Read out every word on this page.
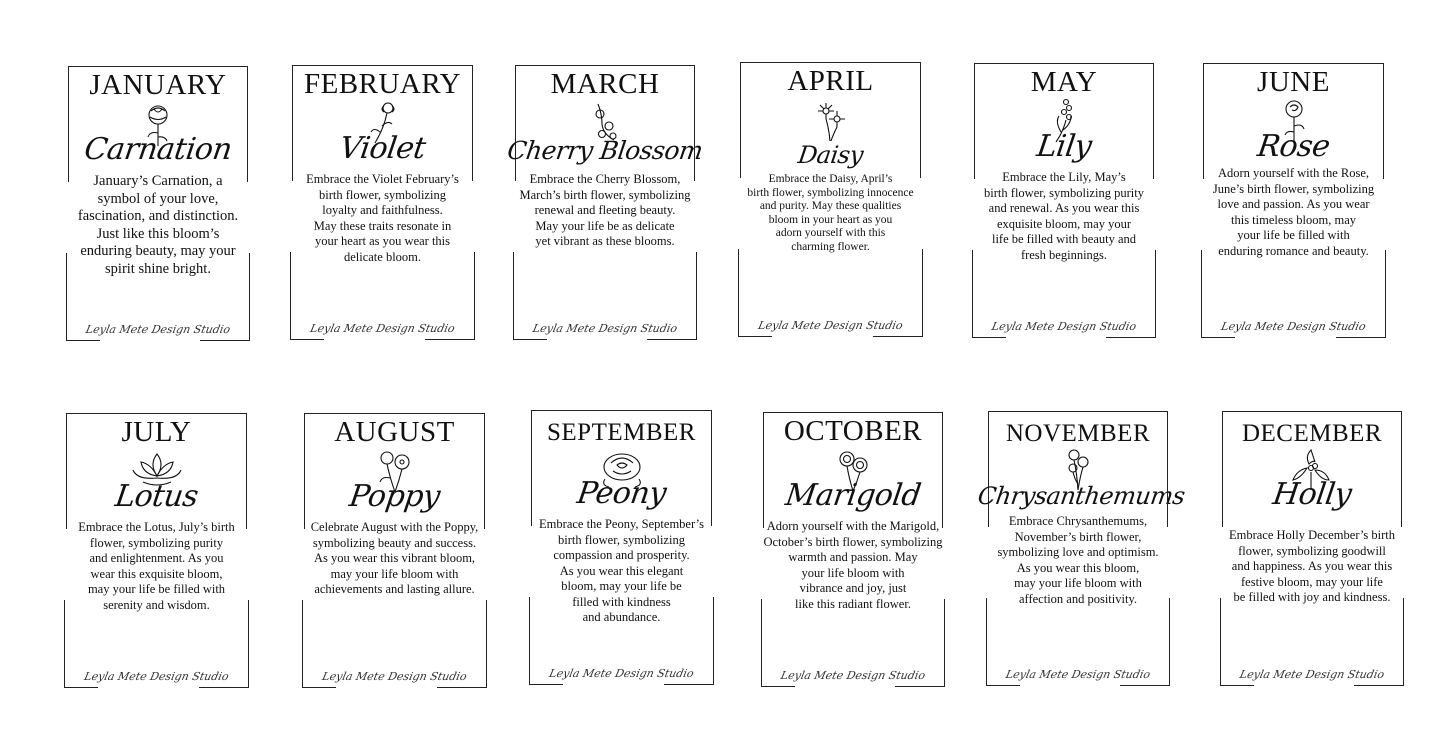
JANUARY
Carnation
January’s Carnation, a
symbol of your love,
fascination, and distinction.
Just like this bloom’s
enduring beauty, may your
spirit shine bright.
Leyla Mete Design Studio
FEBRUARY
Violet
Embrace the Violet February’s
birth flower, symbolizing
loyalty and faithfulness.
May these traits resonate in
your heart as you wear this
delicate bloom.
Leyla Mete Design Studio
MARCH
Cherry Blossom
Embrace the Cherry Blossom,
March’s birth flower, symbolizing
renewal and fleeting beauty.
May your life be as delicate
yet vibrant as these blooms.
Leyla Mete Design Studio
APRIL
Daisy
Embrace the Daisy, April’s
birth flower, symbolizing innocence
and purity. May these qualities
bloom in your heart as you
adorn yourself with this
charming flower.
Leyla Mete Design Studio
MAY
Lily
Embrace the Lily, May’s
birth flower, symbolizing purity
and renewal. As you wear this
exquisite bloom, may your
life be filled with beauty and
fresh beginnings.
Leyla Mete Design Studio
JUNE
Rose
Adorn yourself with the Rose,
June’s birth flower, symbolizing
love and passion. As you wear
this timeless bloom, may
your life be filled with
enduring romance and beauty.
Leyla Mete Design Studio
JULY
Lotus
Embrace the Lotus, July’s birth
flower, symbolizing purity
and enlightenment. As you
wear this exquisite bloom,
may your life be filled with
serenity and wisdom.
Leyla Mete Design Studio
AUGUST
Poppy
Celebrate August with the Poppy,
symbolizing beauty and success.
As you wear this vibrant bloom,
may your life bloom with
achievements and lasting allure.
Leyla Mete Design Studio
SEPTEMBER
Peony
Embrace the Peony, September’s
birth flower, symbolizing
compassion and prosperity.
As you wear this elegant
bloom, may your life be
filled with kindness
and abundance.
Leyla Mete Design Studio
OCTOBER
Marigold
Adorn yourself with the Marigold,
October’s birth flower, symbolizing
warmth and passion. May
your life bloom with
vibrance and joy, just
like this radiant flower.
Leyla Mete Design Studio
NOVEMBER
Chrysanthemums
Embrace Chrysanthemums,
November’s birth flower,
symbolizing love and optimism.
As you wear this bloom,
may your life bloom with
affection and positivity.
Leyla Mete Design Studio
DECEMBER
Holly
Embrace Holly December’s birth
flower, symbolizing goodwill
and happiness. As you wear this
festive bloom, may your life
be filled with joy and kindness.
Leyla Mete Design Studio
